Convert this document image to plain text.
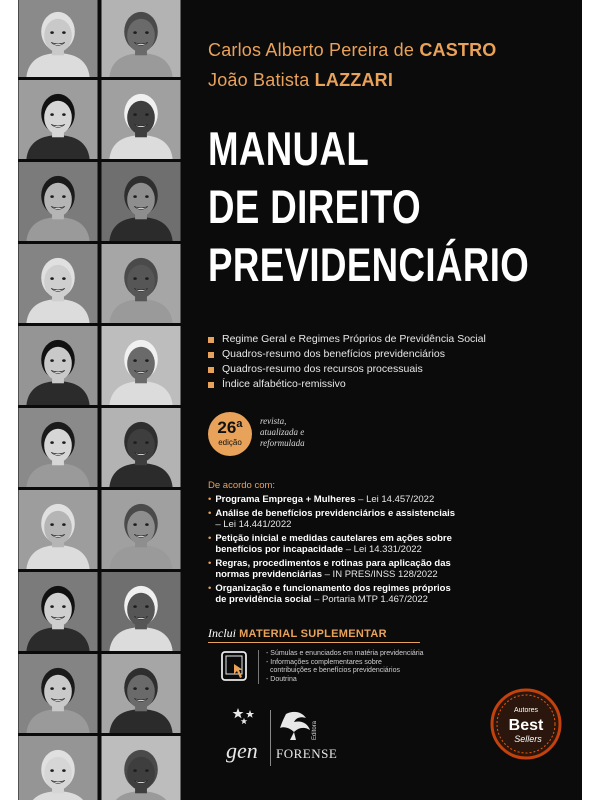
Carlos Alberto Pereira de CASTRO
João Batista LAZZARI
MANUAL
DE DIREITO
PREVIDENCIÁRIO
Regime Geral e Regimes Próprios de Previdência Social
Quadros-resumo dos benefícios previdenciários
Quadros-resumo dos recursos processuais
Índice alfabético-remissivo
26ª
edição
revista,
atualizada e
reformulada
De acordo com:
• Programa Emprega + Mulheres – Lei 14.457/2022
• Análise de benefícios previdenciários e assistenciais – Lei 14.441/2022
• Petição inicial e medidas cautelares em ações sobre benefícios por incapacidade – Lei 14.331/2022
• Regras, procedimentos e rotinas para aplicação das normas previdenciárias – IN PRES/INSS 128/2022
• Organização e funcionamento dos regimes próprios de previdência social – Portaria MTP 1.467/2022
Inclui MATERIAL SUPLEMENTAR
- Súmulas e enunciados em matéria previdenciária
- Informações complementares sobre
contribuições e benefícios previdenciários
- Doutrina
gen
Editora
FORENSE
Autores
Best
Sellers
